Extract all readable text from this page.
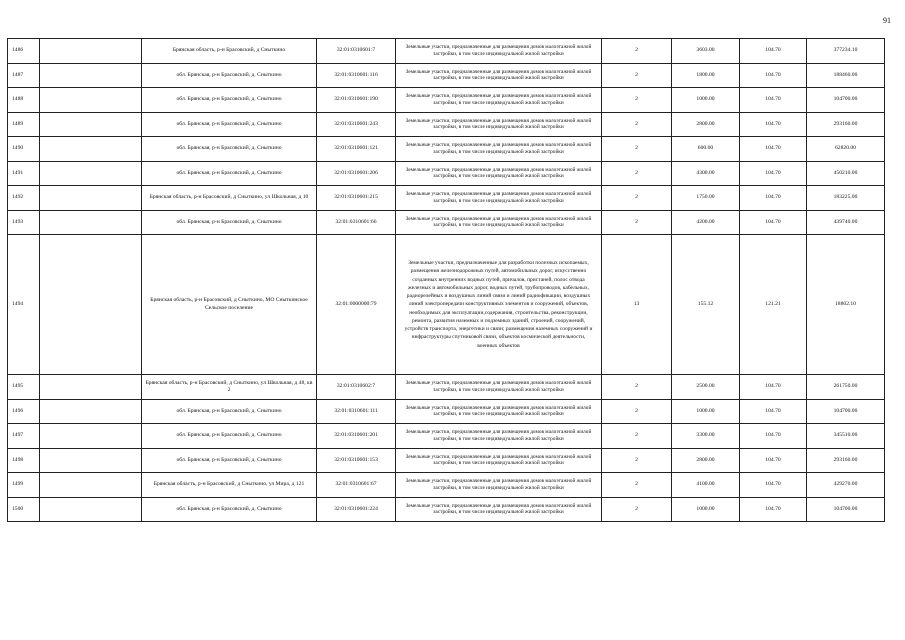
91
1486		Брянская область, р-н Брасовский, д Сныткино	32:01:0310601:7	Земельные участки, предназначенные для размещения домов малоэтажной жилой застройки, в том числе индивидуальной жилой застройки	2	3603.00	104.70	377234.10
1487		обл. Брянская, р-н Брасовский, д. Сныткино	32:01:0310601:116	Земельные участки, предназначенные для размещения домов малоэтажной жилой застройки, в том числе индивидуальной жилой застройки	2	1800.00	104.70	188460.00
1488		обл. Брянская, р-н Брасовский, д. Сныткино	32:01:0310601:190	Земельные участки, предназначенные для размещения домов малоэтажной жилой застройки, в том числе индивидуальной жилой застройки	2	1000.00	104.70	104700.00
1489		обл. Брянская, р-н Брасовский, д. Сныткино	32:01:0310601:243	Земельные участки, предназначенные для размещения домов малоэтажной жилой застройки, в том числе индивидуальной жилой застройки	2	2800.00	104.70	293160.00
1490		обл. Брянская, р-н Брасовский, д. Сныткино	32:01:0310601:121	Земельные участки, предназначенные для размещения домов малоэтажной жилой застройки, в том числе индивидуальной жилой застройки	2	600.00	104.70	62820.00
1491		обл. Брянская, р-н Брасовский, д. Сныткино	32:01:0310601:206	Земельные участки, предназначенные для размещения домов малоэтажной жилой застройки, в том числе индивидуальной жилой застройки	2	4300.00	104.70	450210.00
1492		Брянская область, р-н Брасовский, д Сныткино, ул Школьная, д 10	32:01:0310601:215	Земельные участки, предназначенные для размещения домов малоэтажной жилой застройки, в том числе индивидуальной жилой застройки	2	1750.00	104.70	183225.00
1493		обл. Брянская, р-н Брасовский, д. Сныткино	32:01:0310601:66	Земельные участки, предназначенные для размещения домов малоэтажной жилой застройки, в том числе индивидуальной жилой застройки	2	4200.00	104.70	439740.00
1494		Брянская область, р-н Брасовский, д Сныткино, МО Сныткинское Сельское поселение	32:01:0000000:79	Земельные участки, предназначенные для разработки полезных ископаемых, размещения железнодорожных путей, автомобильных дорог, искусственно созданных внутренних водных путей, причалов, пристаней, полос отвода железных и автомобильных дорог, водных путей, трубопроводов, кабельных, радиорелейных и воздушных линий связи и линий радиофикации, воздушных линий электропередачи конструктивных элементов и сооружений, объектов, необходимых для эксплуатации,содержания, строительства, реконструкции, ремонта, развития наземных и подземных зданий, строений, сооружений, устройств транспорта, энергетики и связи; размещения наземных сооружений и инфраструктуры спутниковой связи, объектов космической деятельности, военных объектов	13	155.12	121.21	18802.10
1495		Брянская область, р-н Брасовский, д Сныткино, ул Школьная, д 48, кв 2	32:01:0310602:7	Земельные участки, предназначенные для размещения домов малоэтажной жилой застройки, в том числе индивидуальной жилой застройки	2	2500.00	104.70	261750.00
1496		обл. Брянская, р-н Брасовский, д. Сныткино	32:01:0310601:111	Земельные участки, предназначенные для размещения домов малоэтажной жилой застройки, в том числе индивидуальной жилой застройки	2	1000.00	104.70	104700.00
1497		обл. Брянская, р-н Брасовский, д. Сныткино	32:01:0310601:201	Земельные участки, предназначенные для размещения домов малоэтажной жилой застройки, в том числе индивидуальной жилой застройки	2	3300.00	104.70	345510.00
1498		обл. Брянская, р-н Брасовский, д. Сныткино	32:01:0310601:153	Земельные участки, предназначенные для размещения домов малоэтажной жилой застройки, в том числе индивидуальной жилой застройки	2	2800.00	104.70	293160.00
1499		Брянская область, р-н Брасовский, д Сныткино, ул Мира, д 121	32:01:0310601:67	Земельные участки, предназначенные для размещения домов малоэтажной жилой застройки, в том числе индивидуальной жилой застройки	2	4100.00	104.70	429270.00
1500		обл. Брянская, р-н Брасовский, д. Сныткино	32:01:0310601:224	Земельные участки, предназначенные для размещения домов малоэтажной жилой застройки, в том числе индивидуальной жилой застройки	2	1000.00	104.70	104700.00
